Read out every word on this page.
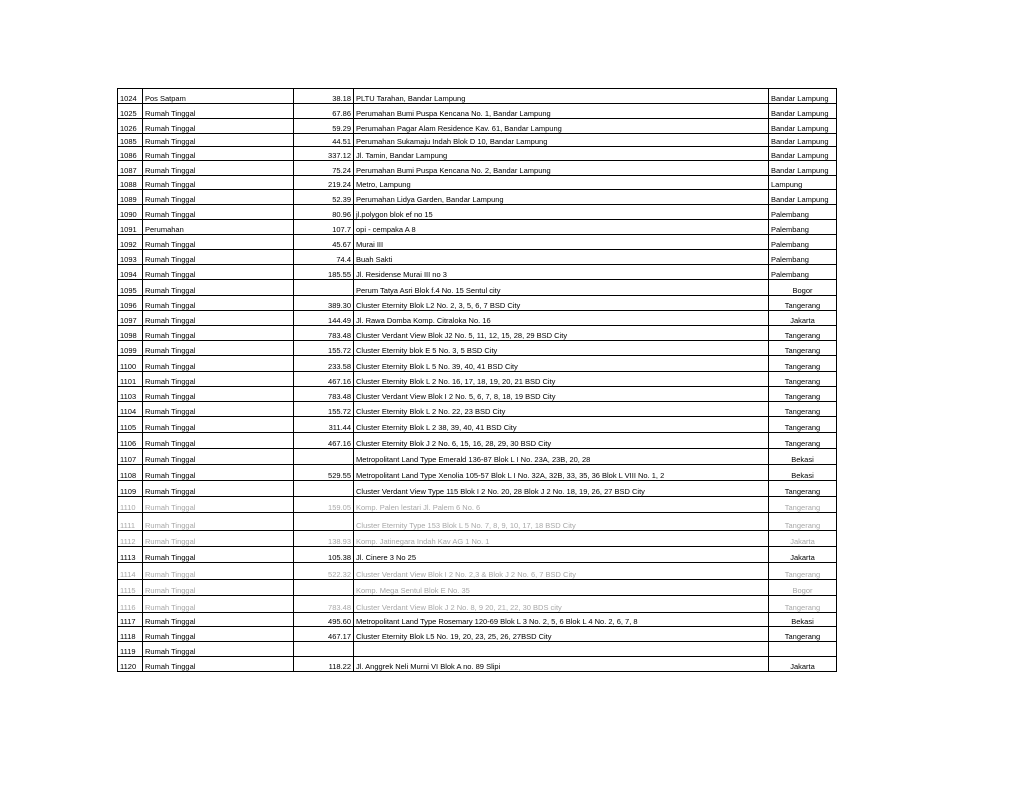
1024	Pos Satpam	38.18	PLTU Tarahan, Bandar Lampung	Bandar Lampung
1025	Rumah Tinggal	67.86	Perumahan Bumi Puspa Kencana No. 1, Bandar Lampung	Bandar Lampung
1026	Rumah Tinggal	59.29	Perumahan Pagar Alam Residence Kav. 61, Bandar Lampung	Bandar Lampung
1085	Rumah Tinggal	44.51	Perumahan Sukamaju Indah Blok D 10, Bandar Lampung	Bandar Lampung
1086	Rumah Tinggal	337.12	Jl. Tamin, Bandar Lampung	Bandar Lampung
1087	Rumah Tinggal	75.24	Perumahan Bumi Puspa Kencana No. 2, Bandar Lampung	Bandar Lampung
1088	Rumah Tinggal	219.24	Metro, Lampung	Lampung
1089	Rumah Tinggal	52.39	Perumahan Lidya Garden, Bandar Lampung	Bandar Lampung
1090	Rumah Tinggal	80.96	jl.polygon blok ef no 15	Palembang
1091	Perumahan	107.7	opi - cempaka A 8	Palembang
1092	Rumah Tinggal	45.67	Murai III	Palembang
1093	Rumah Tinggal	74.4	Buah Sakti	Palembang
1094	Rumah Tinggal	185.55	Jl. Residense Murai III no 3	Palembang
1095	Rumah Tinggal		Perum Tatya Asri Blok f.4 No. 15 Sentul city	Bogor
1096	Rumah Tinggal	389.30	Cluster Eternity Blok L2 No. 2, 3, 5, 6, 7 BSD City	Tangerang
1097	Rumah Tinggal	144.49	Jl. Rawa Domba Komp. Citraloka No. 16	Jakarta
1098	Rumah Tinggal	783.48	Cluster Verdant View Blok J2 No. 5, 11, 12, 15, 28, 29 BSD City	Tangerang
1099	Rumah Tinggal	155.72	Cluster Eternity blok E 5 No. 3, 5 BSD City	Tangerang
1100	Rumah Tinggal	233.58	Cluster Eternity Blok L 5 No. 39, 40, 41 BSD City	Tangerang
1101	Rumah Tinggal	467.16	Cluster Eternity Blok L 2 No. 16, 17, 18, 19, 20, 21 BSD City	Tangerang
1103	Rumah Tinggal	783.48	Cluster Verdant View Blok I 2 No. 5, 6, 7, 8, 18, 19 BSD City	Tangerang
1104	Rumah Tinggal	155.72	Cluster Eternity Blok L 2 No. 22, 23 BSD City	Tangerang
1105	Rumah Tinggal	311.44	Cluster Eternity Blok L 2 38, 39, 40, 41 BSD City	Tangerang
1106	Rumah Tinggal	467.16	Cluster Eternity Blok J 2 No. 6, 15, 16, 28, 29, 30 BSD City	Tangerang
1107	Rumah Tinggal		Metropolitant Land Type Emerald 136-87 Blok L I No. 23A, 23B, 20, 28	Bekasi
1108	Rumah Tinggal	529.55	Metropolitant Land Type Xenolia 105-57 Blok L I No. 32A, 32B, 33, 35, 36 Blok L VIII No. 1, 2	Bekasi
1109	Rumah Tinggal		Cluster Verdant View Type 115 Blok I 2 No. 20, 28 Blok J 2 No. 18, 19, 26, 27 BSD City	Tangerang
1110	Rumah Tinggal	159.05	Komp. Palen lestari Jl. Palem 6 No. 6	Tangerang
1111	Rumah Tinggal		Cluster Eternity Type 153 Blok L 5 No. 7, 8, 9, 10, 17, 18 BSD City	Tangerang
1112	Rumah Tinggal	138.93	Komp. Jatinegara Indah Kav AG 1 No. 1	Jakarta
1113	Rumah Tinggal	105.38	Jl. Cinere 3 No 25	Jakarta
1114	Rumah Tinggal	522.32	Cluster Verdant View Blok I 2 No. 2,3 & Blok J 2 No. 6, 7 BSD City	Tangerang
1115	Rumah Tinggal		Komp. Mega Sentul Blok E No. 35	Bogor
1116	Rumah Tinggal	783.48	Cluster Verdant View Blok J 2 No. 8, 9 20, 21, 22, 30 BDS city	Tangerang
1117	Rumah Tinggal	495.60	Metropolitant Land Type Rosemary 120-69 Blok L 3 No. 2, 5, 6 Blok L 4 No. 2, 6, 7, 8	Bekasi
1118	Rumah Tinggal	467.17	Cluster Eternity Blok L5 No. 19, 20, 23, 25, 26, 27BSD City	Tangerang
1119	Rumah Tinggal			
1120	Rumah Tinggal	118.22	Jl. Anggrek Neli Murni VI Blok A no. 89 Slipi	Jakarta
